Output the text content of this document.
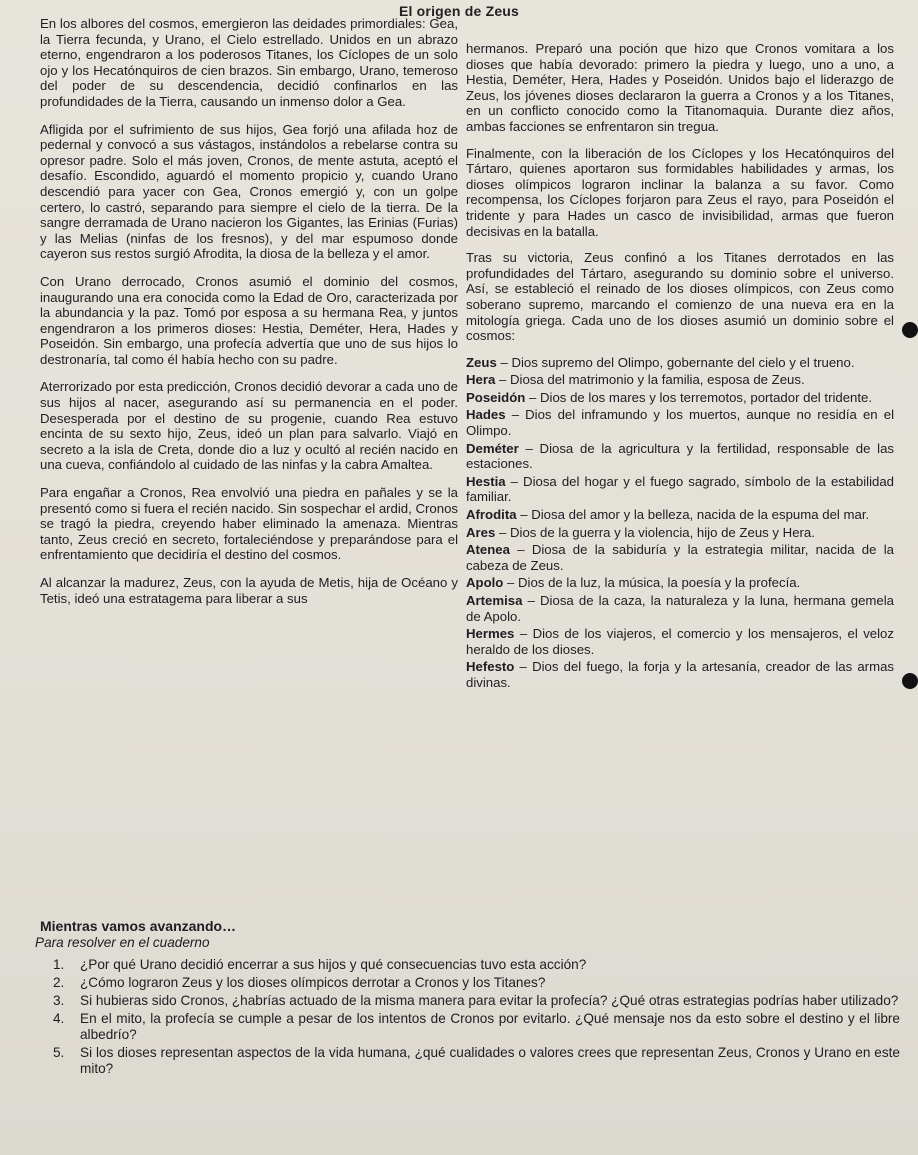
El origen de Zeus

En los albores del cosmos, emergieron las deidades primordiales: Gea, la Tierra fecunda, y Urano, el Cielo estrellado. Unidos en un abrazo eterno, engendraron a los poderosos Titanes, los Cíclopes de un solo ojo y los Hecatónquiros de cien brazos. Sin embargo, Urano, temeroso del poder de su descendencia, decidió confinarlos en las profundidades de la Tierra, causando un inmenso dolor a Gea.

Afligida por el sufrimiento de sus hijos, Gea forjó una afilada hoz de pedernal y convocó a sus vástagos, instándolos a rebelarse contra su opresor padre. Solo el más joven, Cronos, de mente astuta, aceptó el desafío. Escondido, aguardó el momento propicio y, cuando Urano descendió para yacer con Gea, Cronos emergió y, con un golpe certero, lo castró, separando para siempre el cielo de la tierra. De la sangre derramada de Urano nacieron los Gigantes, las Erinias (Furias) y las Melias (ninfas de los fresnos), y del mar espumoso donde cayeron sus restos surgió Afrodita, la diosa de la belleza y el amor.

Con Urano derrocado, Cronos asumió el dominio del cosmos, inaugurando una era conocida como la Edad de Oro, caracterizada por la abundancia y la paz. Tomó por esposa a su hermana Rea, y juntos engendraron a los primeros dioses: Hestia, Deméter, Hera, Hades y Poseidón. Sin embargo, una profecía advertía que uno de sus hijos lo destronaría, tal como él había hecho con su padre.

Aterrorizado por esta predicción, Cronos decidió devorar a cada uno de sus hijos al nacer, asegurando así su permanencia en el poder. Desesperada por el destino de su progenie, cuando Rea estuvo encinta de su sexto hijo, Zeus, ideó un plan para salvarlo. Viajó en secreto a la isla de Creta, donde dio a luz y ocultó al recién nacido en una cueva, confiándolo al cuidado de las ninfas y la cabra Amaltea.

Para engañar a Cronos, Rea envolvió una piedra en pañales y se la presentó como si fuera el recién nacido. Sin sospechar el ardid, Cronos se tragó la piedra, creyendo haber eliminado la amenaza. Mientras tanto, Zeus creció en secreto, fortaleciéndose y preparándose para el enfrentamiento que decidiría el destino del cosmos.

Al alcanzar la madurez, Zeus, con la ayuda de Metis, hija de Océano y Tetis, ideó una estratagema para liberar a sus

hermanos. Preparó una poción que hizo que Cronos vomitara a los dioses que había devorado: primero la piedra y luego, uno a uno, a Hestia, Deméter, Hera, Hades y Poseidón. Unidos bajo el liderazgo de Zeus, los jóvenes dioses declararon la guerra a Cronos y a los Titanes, en un conflicto conocido como la Titanomaquia. Durante diez años, ambas facciones se enfrentaron sin tregua.

Finalmente, con la liberación de los Cíclopes y los Hecatónquiros del Tártaro, quienes aportaron sus formidables habilidades y armas, los dioses olímpicos lograron inclinar la balanza a su favor. Como recompensa, los Cíclopes forjaron para Zeus el rayo, para Poseidón el tridente y para Hades un casco de invisibilidad, armas que fueron decisivas en la batalla.

Tras su victoria, Zeus confinó a los Titanes derrotados en las profundidades del Tártaro, asegurando su dominio sobre el universo. Así, se estableció el reinado de los dioses olímpicos, con Zeus como soberano supremo, marcando el comienzo de una nueva era en la mitología griega. Cada uno de los dioses asumió un dominio sobre el cosmos:

Zeus – Dios supremo del Olimpo, gobernante del cielo y el trueno.
Hera – Diosa del matrimonio y la familia, esposa de Zeus.
Poseidón – Dios de los mares y los terremotos, portador del tridente.
Hades – Dios del inframundo y los muertos, aunque no residía en el Olimpo.
Deméter – Diosa de la agricultura y la fertilidad, responsable de las estaciones.
Hestia – Diosa del hogar y el fuego sagrado, símbolo de la estabilidad familiar.
Afrodita – Diosa del amor y la belleza, nacida de la espuma del mar.
Ares – Dios de la guerra y la violencia, hijo de Zeus y Hera.
Atenea – Diosa de la sabiduría y la estrategia militar, nacida de la cabeza de Zeus.
Apolo – Dios de la luz, la música, la poesía y la profecía.
Artemisa – Diosa de la caza, la naturaleza y la luna, hermana gemela de Apolo.
Hermes – Dios de los viajeros, el comercio y los mensajeros, el veloz heraldo de los dioses.
Hefesto – Dios del fuego, la forja y la artesanía, creador de las armas divinas.
Mientras vamos avanzando…
Para resolver en el cuaderno
1. ¿Por qué Urano decidió encerrar a sus hijos y qué consecuencias tuvo esta acción?
2. ¿Cómo lograron Zeus y los dioses olímpicos derrotar a Cronos y los Titanes?
3. Si hubieras sido Cronos, ¿habrías actuado de la misma manera para evitar la profecía? ¿Qué otras estrategias podrías haber utilizado?
4. En el mito, la profecía se cumple a pesar de los intentos de Cronos por evitarlo. ¿Qué mensaje nos da esto sobre el destino y el libre albedrío?
5. Si los dioses representan aspectos de la vida humana, ¿qué cualidades o valores crees que representan Zeus, Cronos y Urano en este mito?
